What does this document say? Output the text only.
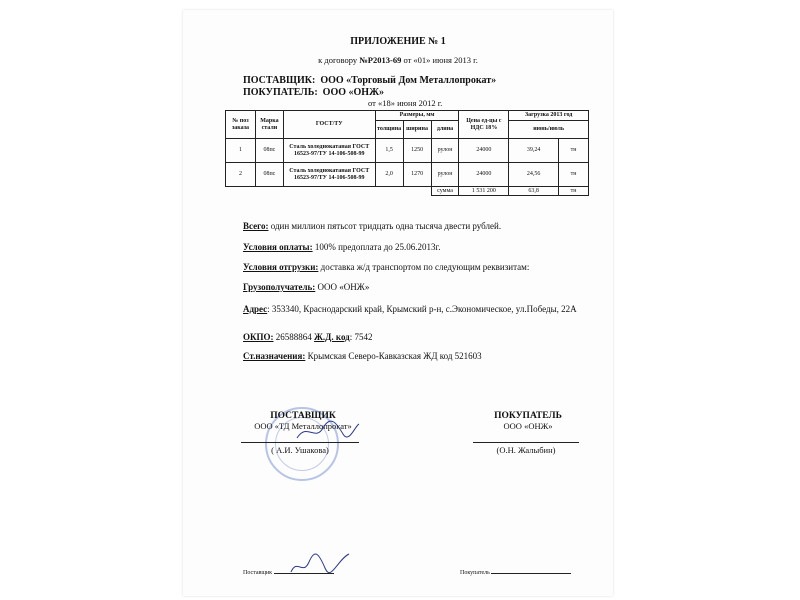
ПРИЛОЖЕНИЕ № 1
к договору №Р2013-69 от «01» июня 2013 г.
ПОСТАВЩИК: ООО «Торговый Дом Металлопрокат»
ПОКУПАТЕЛЬ: ООО «ОНЖ»
от «18» июня 2012 г.
№ поз заказа	Марка стали	ГОСТ/ТУ	Размеры, мм			Цена ед-цы с НДС 18%	Загрузка 2013 год	
			толщина	ширина	длина		июнь/июль	
1	08пс	Сталь холоднокатаная ГОСТ 16523-97/ТУ 14-106-508-99	1,5	1250	рулон	24000	39,24	тн
2	08пс	Сталь холоднокатаная ГОСТ 16523-97/ТУ 14-106-508-99	2,0	1270	рулон	24000	24,56	тн
					сумма	1 531 200	63,8	тн
Всего: один миллион пятьсот тридцать одна тысяча двести рублей.
Условия оплаты: 100% предоплата до 25.06.2013г.
Условия отгрузки: доставка ж/д транспортом по следующим реквизитам:
Грузополучатель: ООО «ОНЖ»
Адрес: 353340, Краснодарский край, Крымский р-н, с.Экономическое, ул.Победы, 22А
ОКПО: 26588864 Ж.Д. код: 7542
Ст.назначения: Крымская Северо-Кавказская ЖД код 521603
ПОСТАВЩИК
ООО «ТД Металлопрокат»
( А.И. Ушакова)
ПОКУПАТЕЛЬ
ООО «ОНЖ»
(О.Н. Жалыбин)
Поставщик	Покупатель
